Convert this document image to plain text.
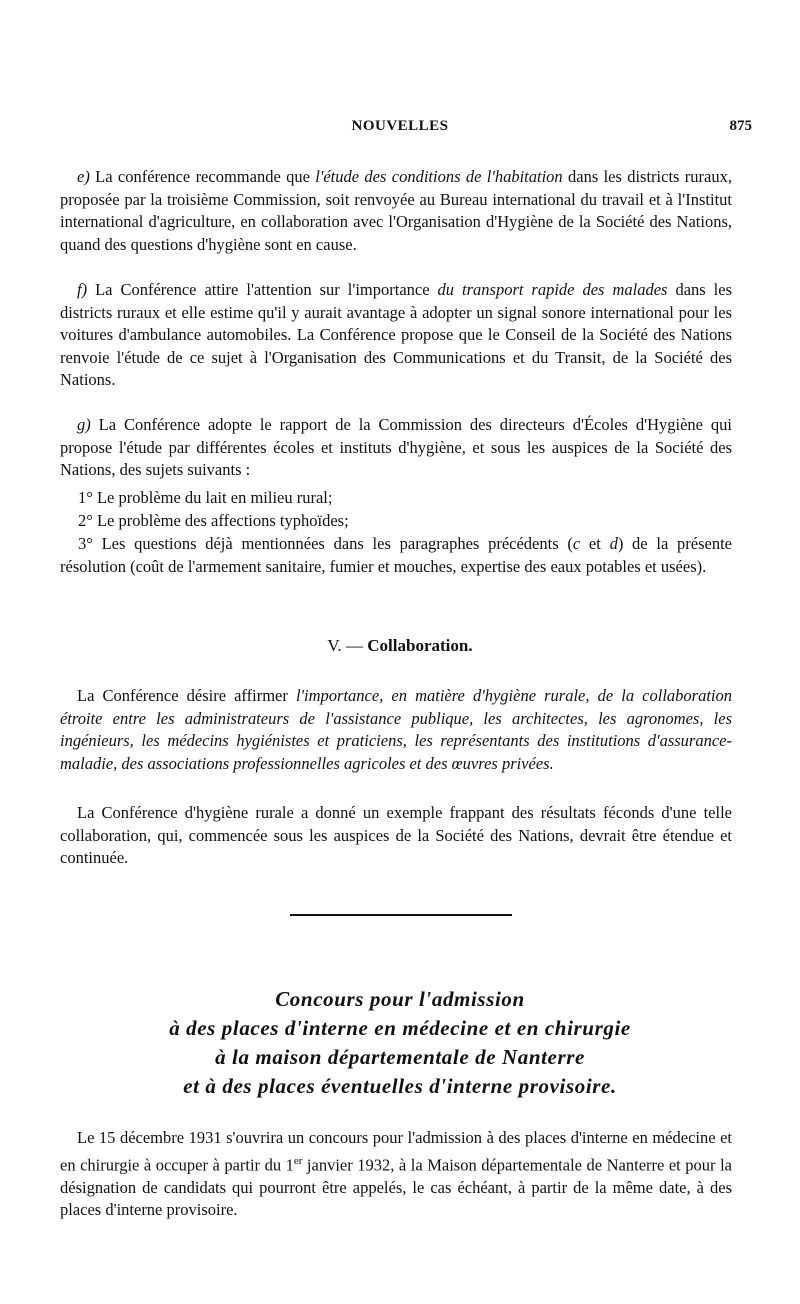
NOUVELLES	875

e) La conférence recommande que l'étude des conditions de l'habitation dans les districts ruraux, proposée par la troisième Commission, soit renvoyée au Bureau international du travail et à l'Institut international d'agriculture, en collaboration avec l'Organisation d'Hygiène de la Société des Nations, quand des questions d'hygiène sont en cause.

f) La Conférence attire l'attention sur l'importance du transport rapide des malades dans les districts ruraux et elle estime qu'il y aurait avantage à adopter un signal sonore international pour les voitures d'ambulance automobiles. La Conférence propose que le Conseil de la Société des Nations renvoie l'étude de ce sujet à l'Organisation des Communications et du Transit, de la Société des Nations.

g) La Conférence adopte le rapport de la Commission des directeurs d'Écoles d'Hygiène qui propose l'étude par différentes écoles et instituts d'hygiène, et sous les auspices de la Société des Nations, des sujets suivants :

1° Le problème du lait en milieu rural;

2° Le problème des affections typhoïdes;

3° Les questions déjà mentionnées dans les paragraphes précédents (c et d) de la présente résolution (coût de l'armement sanitaire, fumier et mouches, expertise des eaux potables et usées).

V. — Collaboration.

La Conférence désire affirmer l'importance, en matière d'hygiène rurale, de la collaboration étroite entre les administrateurs de l'assistance publique, les architectes, les agronomes, les ingénieurs, les médecins hygiénistes et praticiens, les représentants des institutions d'assurance-maladie, des associations professionnelles agricoles et des œuvres privées.

La Conférence d'hygiène rurale a donné un exemple frappant des résultats féconds d'une telle collaboration, qui, commencée sous les auspices de la Société des Nations, devrait être étendue et continuée.

Concours pour l'admission
à des places d'interne en médecine et en chirurgie
à la maison départementale de Nanterre
et à des places éventuelles d'interne provisoire.

Le 15 décembre 1931 s'ouvrira un concours pour l'admission à des places d'interne en médecine et en chirurgie à occuper à partir du 1er janvier 1932, à la Maison départementale de Nanterre et pour la désignation de candidats qui pourront être appelés, le cas échéant, à partir de la même date, à des places d'interne provisoire.
